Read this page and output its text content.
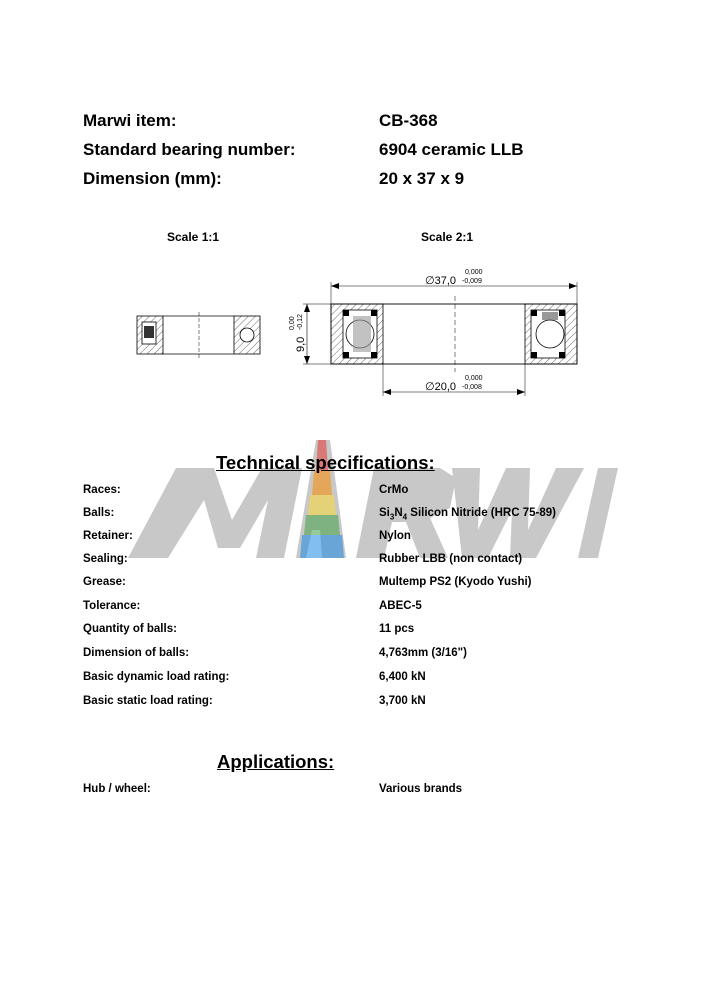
Marwi item:	CB-368
Standard bearing number:	6904 ceramic LLB
Dimension (mm):	20 x 37 x 9
Scale 1:1	Scale 2:1
∅37,0
0,000
-0,009
9,0
0,00 -0,12
∅20,0
0,000
-0,008
Technical specifications:
Races:	CrMo
Balls:	$Si_3N_4$ Silicon Nitride (HRC 75-89)
Retainer:	Nylon
Sealing:	Rubber LBB (non contact)
Grease:	Multemp PS2 (Kyodo Yushi)
Tolerance:	ABEC-5
Quantity of balls:	11 pcs
Dimension of balls:	4,763mm (3/16")
Basic dynamic load rating:	6,400 kN
Basic static load rating:	3,700 kN
Applications:
Hub / wheel:	Various brands
